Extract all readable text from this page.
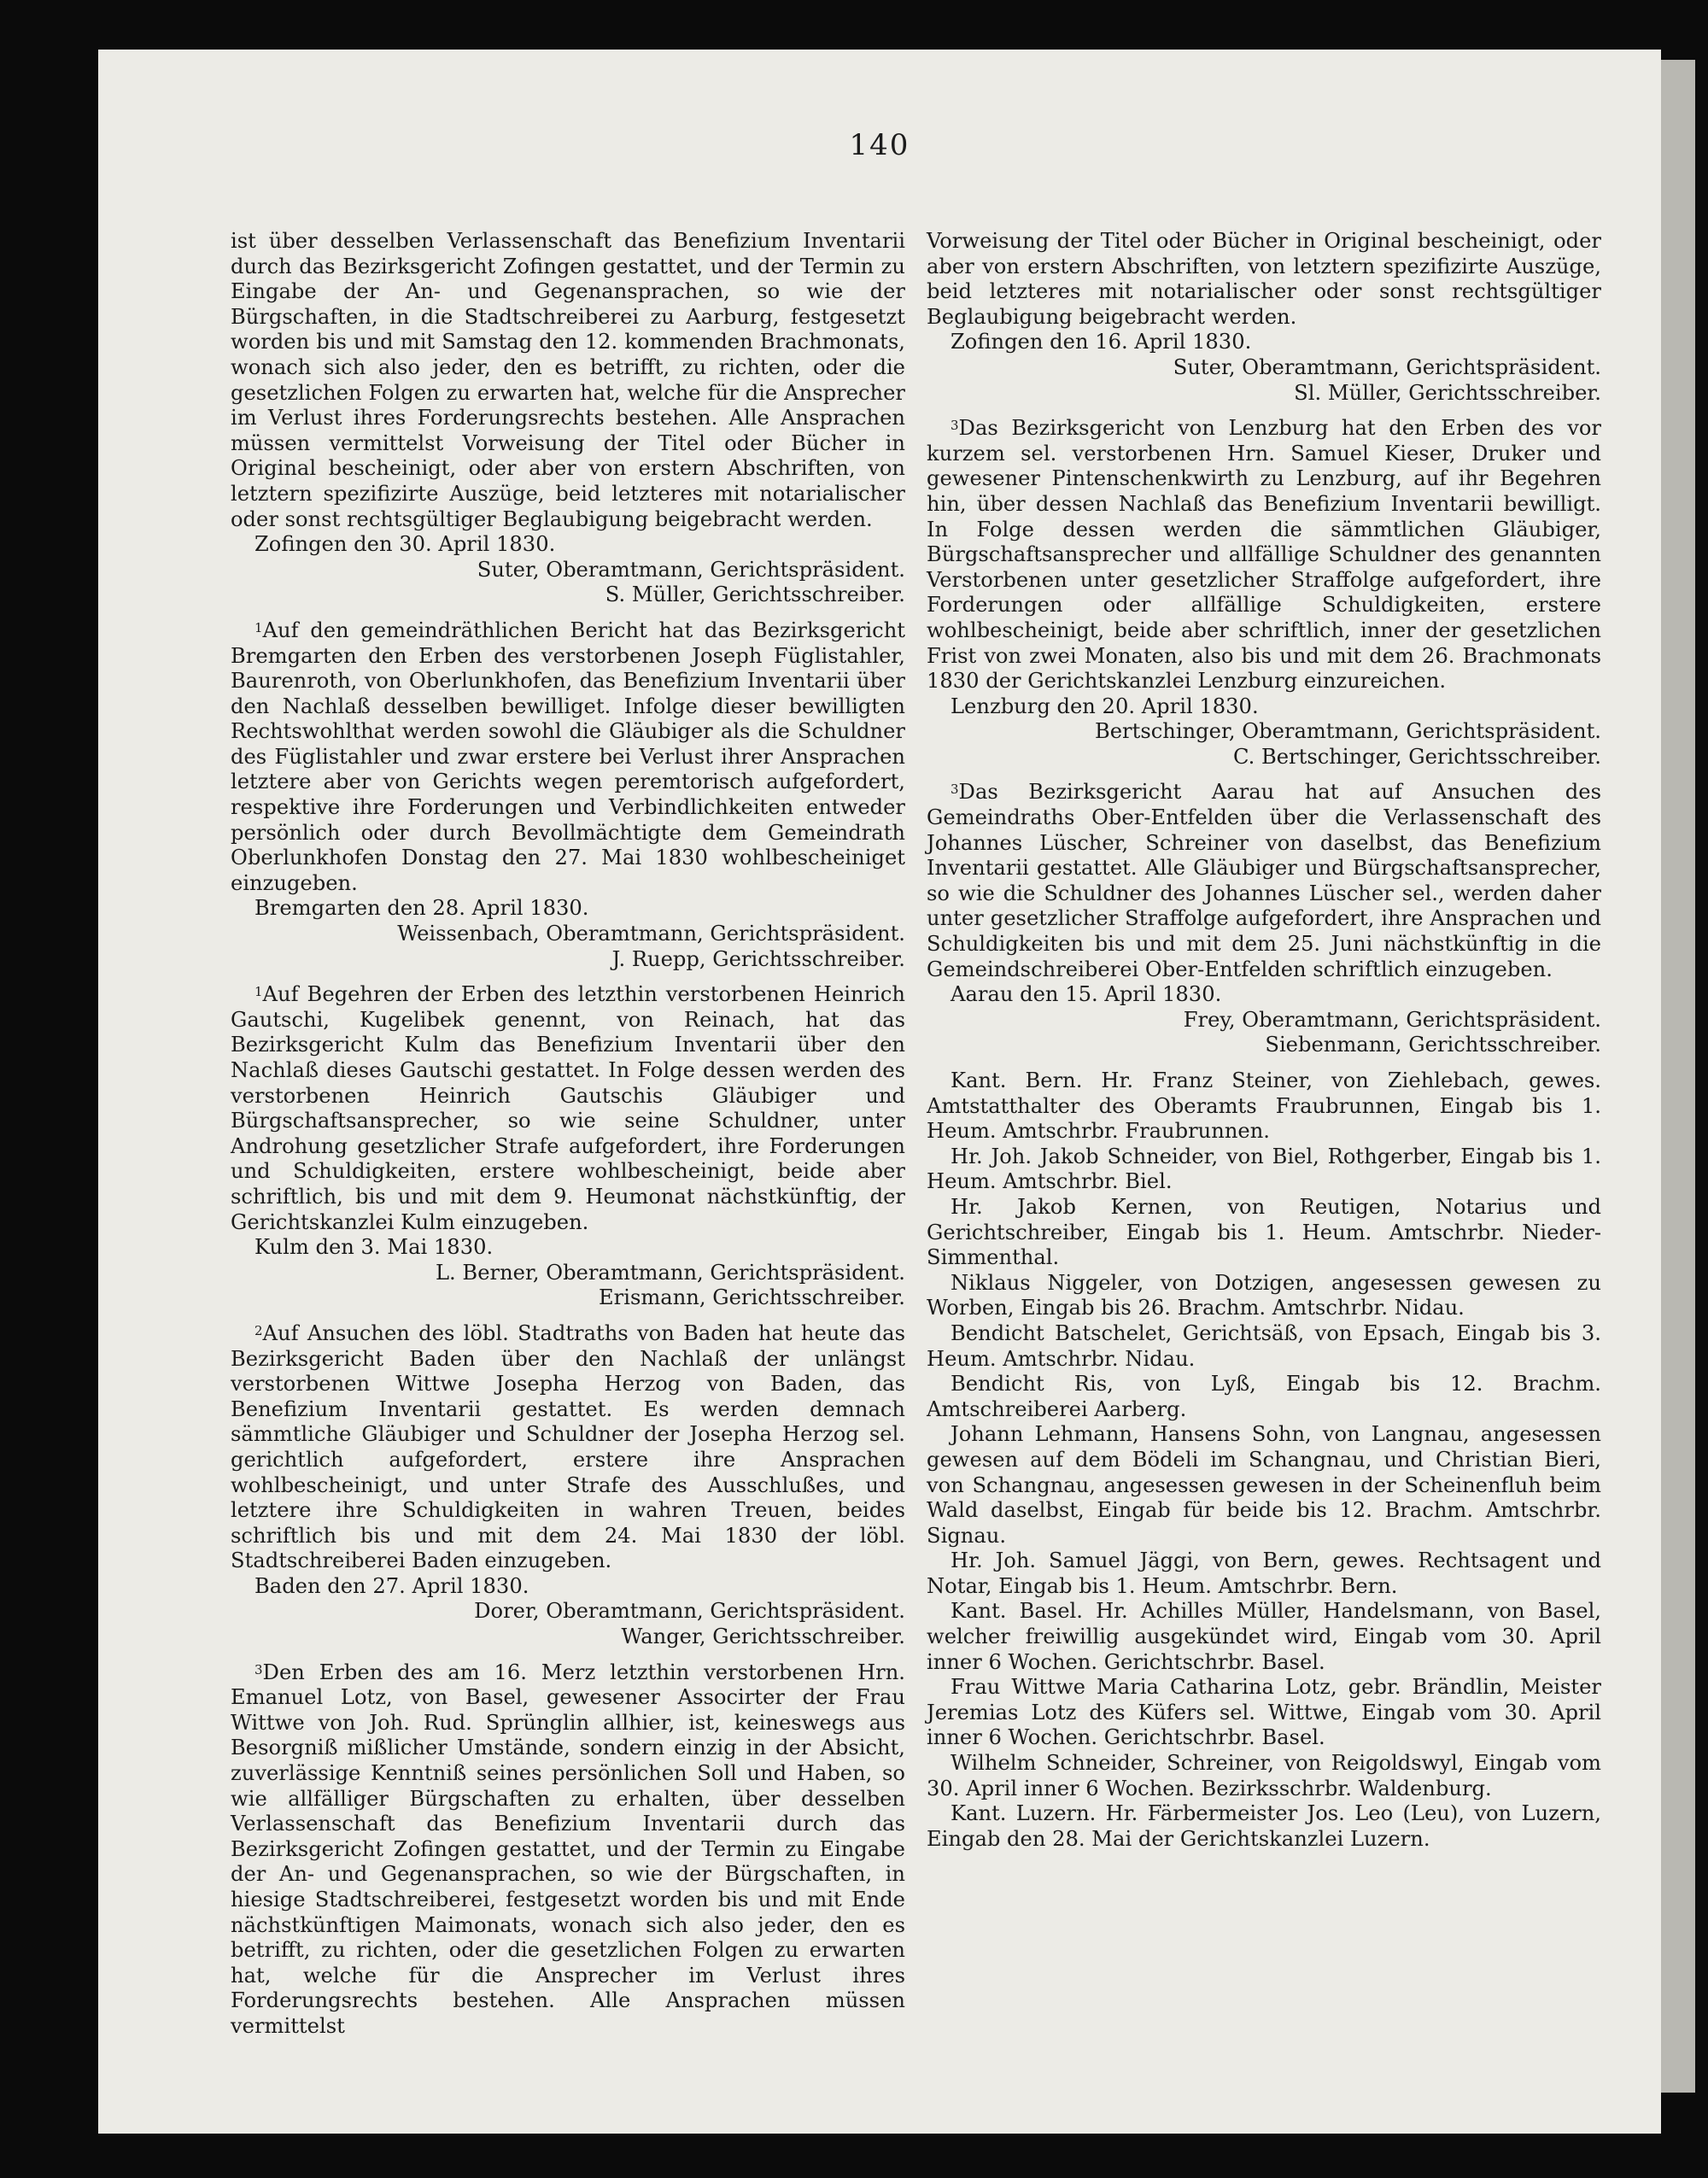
140

ist über desselben Verlassenschaft das Benefizium Inventarii durch das Bezirksgericht Zofingen gestattet, und der Termin zu Eingabe der An- und Gegenansprachen, so wie der Bürgschaften, in die Stadtschreiberei zu Aarburg, festgesetzt worden bis und mit Samstag den 12. kommenden Brachmonats, wonach sich also jeder, den es betrifft, zu richten, oder die gesetzlichen Folgen zu erwarten hat, welche für die Ansprecher im Verlust ihres Forderungsrechts bestehen. Alle Ansprachen müssen vermittelst Vorweisung der Titel oder Bücher in Original bescheinigt, oder aber von erstern Abschriften, von letztern spezifizirte Auszüge, beid letzteres mit notarialischer oder sonst rechtsgültiger Beglaubigung beigebracht werden.

Zofingen den 30. April 1830.

Suter, Oberamtmann, Gerichtspräsident.

S. Müller, Gerichtsschreiber.

$^1$Auf den gemeindräthlichen Bericht hat das Bezirksgericht Bremgarten den Erben des verstorbenen Joseph Füglistahler, Baurenroth, von Oberlunkhofen, das Benefizium Inventarii über den Nachlaß desselben bewilliget. Infolge dieser bewilligten Rechtswohlthat werden sowohl die Gläubiger als die Schuldner des Füglistahler und zwar erstere bei Verlust ihrer Ansprachen letztere aber von Gerichts wegen peremtorisch aufgefordert, respektive ihre Forderungen und Verbindlichkeiten entweder persönlich oder durch Bevollmächtigte dem Gemeindrath Oberlunkhofen Donstag den 27. Mai 1830 wohlbescheiniget einzugeben.

Bremgarten den 28. April 1830.

Weissenbach, Oberamtmann, Gerichtspräsident.

J. Ruepp, Gerichtsschreiber.

$^1$Auf Begehren der Erben des letzthin verstorbenen Heinrich Gautschi, Kugelibek genennt, von Reinach, hat das Bezirksgericht Kulm das Benefizium Inventarii über den Nachlaß dieses Gautschi gestattet. In Folge dessen werden des verstorbenen Heinrich Gautschis Gläubiger und Bürgschaftsansprecher, so wie seine Schuldner, unter Androhung gesetzlicher Strafe aufgefordert, ihre Forderungen und Schuldigkeiten, erstere wohlbescheinigt, beide aber schriftlich, bis und mit dem 9. Heumonat nächstkünftig, der Gerichtskanzlei Kulm einzugeben.

Kulm den 3. Mai 1830.

L. Berner, Oberamtmann, Gerichtspräsident.

Erismann, Gerichtsschreiber.

$^2$Auf Ansuchen des löbl. Stadtraths von Baden hat heute das Bezirksgericht Baden über den Nachlaß der unlängst verstorbenen Wittwe Josepha Herzog von Baden, das Benefizium Inventarii gestattet. Es werden demnach sämmtliche Gläubiger und Schuldner der Josepha Herzog sel. gerichtlich aufgefordert, erstere ihre Ansprachen wohlbescheinigt, und unter Strafe des Ausschlußes, und letztere ihre Schuldigkeiten in wahren Treuen, beides schriftlich bis und mit dem 24. Mai 1830 der löbl. Stadtschreiberei Baden einzugeben.

Baden den 27. April 1830.

Dorer, Oberamtmann, Gerichtspräsident.

Wanger, Gerichtsschreiber.

$^3$Den Erben des am 16. Merz letzthin verstorbenen Hrn. Emanuel Lotz, von Basel, gewesener Associrter der Frau Wittwe von Joh. Rud. Sprünglin allhier, ist, keineswegs aus Besorgniß mißlicher Umstände, sondern einzig in der Absicht, zuverlässige Kenntniß seines persönlichen Soll und Haben, so wie allfälliger Bürgschaften zu erhalten, über desselben Verlassenschaft das Benefizium Inventarii durch das Bezirksgericht Zofingen gestattet, und der Termin zu Eingabe der An- und Gegenansprachen, so wie der Bürgschaften, in hiesige Stadtschreiberei, festgesetzt worden bis und mit Ende nächstkünftigen Maimonats, wonach sich also jeder, den es betrifft, zu richten, oder die gesetzlichen Folgen zu erwarten hat, welche für die Ansprecher im Verlust ihres Forderungsrechts bestehen. Alle Ansprachen müssen vermittelst

Vorweisung der Titel oder Bücher in Original bescheinigt, oder aber von erstern Abschriften, von letztern spezifizirte Auszüge, beid letzteres mit notarialischer oder sonst rechtsgültiger Beglaubigung beigebracht werden.

Zofingen den 16. April 1830.

Suter, Oberamtmann, Gerichtspräsident.

Sl. Müller, Gerichtsschreiber.

$^3$Das Bezirksgericht von Lenzburg hat den Erben des vor kurzem sel. verstorbenen Hrn. Samuel Kieser, Druker und gewesener Pintenschenkwirth zu Lenzburg, auf ihr Begehren hin, über dessen Nachlaß das Benefizium Inventarii bewilligt. In Folge dessen werden die sämmtlichen Gläubiger, Bürgschaftsansprecher und allfällige Schuldner des genannten Verstorbenen unter gesetzlicher Straffolge aufgefordert, ihre Forderungen oder allfällige Schuldigkeiten, erstere wohlbescheinigt, beide aber schriftlich, inner der gesetzlichen Frist von zwei Monaten, also bis und mit dem 26. Brachmonats 1830 der Gerichtskanzlei Lenzburg einzureichen.

Lenzburg den 20. April 1830.

Bertschinger, Oberamtmann, Gerichtspräsident.

C. Bertschinger, Gerichtsschreiber.

$^3$Das Bezirksgericht Aarau hat auf Ansuchen des Gemeindraths Ober-Entfelden über die Verlassenschaft des Johannes Lüscher, Schreiner von daselbst, das Benefizium Inventarii gestattet. Alle Gläubiger und Bürgschaftsansprecher, so wie die Schuldner des Johannes Lüscher sel., werden daher unter gesetzlicher Straffolge aufgefordert, ihre Ansprachen und Schuldigkeiten bis und mit dem 25. Juni nächstkünftig in die Gemeindschreiberei Ober-Entfelden schriftlich einzugeben.

Aarau den 15. April 1830.

Frey, Oberamtmann, Gerichtspräsident.

Siebenmann, Gerichtsschreiber.

Kant. Bern. Hr. Franz Steiner, von Ziehlebach, gewes. Amtstatthalter des Oberamts Fraubrunnen, Eingab bis 1. Heum. Amtschrbr. Fraubrunnen.

Hr. Joh. Jakob Schneider, von Biel, Rothgerber, Eingab bis 1. Heum. Amtschrbr. Biel.

Hr. Jakob Kernen, von Reutigen, Notarius und Gerichtschreiber, Eingab bis 1. Heum. Amtschrbr. Nieder-Simmenthal.

Niklaus Niggeler, von Dotzigen, angesessen gewesen zu Worben, Eingab bis 26. Brachm. Amtschrbr. Nidau.

Bendicht Batschelet, Gerichtsäß, von Epsach, Eingab bis 3. Heum. Amtschrbr. Nidau.

Bendicht Ris, von Lyß, Eingab bis 12. Brachm. Amtschreiberei Aarberg.

Johann Lehmann, Hansens Sohn, von Langnau, angesessen gewesen auf dem Bödeli im Schangnau, und Christian Bieri, von Schangnau, angesessen gewesen in der Scheinenfluh beim Wald daselbst, Eingab für beide bis 12. Brachm. Amtschrbr. Signau.

Hr. Joh. Samuel Jäggi, von Bern, gewes. Rechtsagent und Notar, Eingab bis 1. Heum. Amtschrbr. Bern.

Kant. Basel. Hr. Achilles Müller, Handelsmann, von Basel, welcher freiwillig ausgekündet wird, Eingab vom 30. April inner 6 Wochen. Gerichtschrbr. Basel.

Frau Wittwe Maria Catharina Lotz, gebr. Brändlin, Meister Jeremias Lotz des Küfers sel. Wittwe, Eingab vom 30. April inner 6 Wochen. Gerichtschrbr. Basel.

Wilhelm Schneider, Schreiner, von Reigoldswyl, Eingab vom 30. April inner 6 Wochen. Bezirksschrbr. Waldenburg.

Kant. Luzern. Hr. Färbermeister Jos. Leo (Leu), von Luzern, Eingab den 28. Mai der Gerichtskanzlei Luzern.
